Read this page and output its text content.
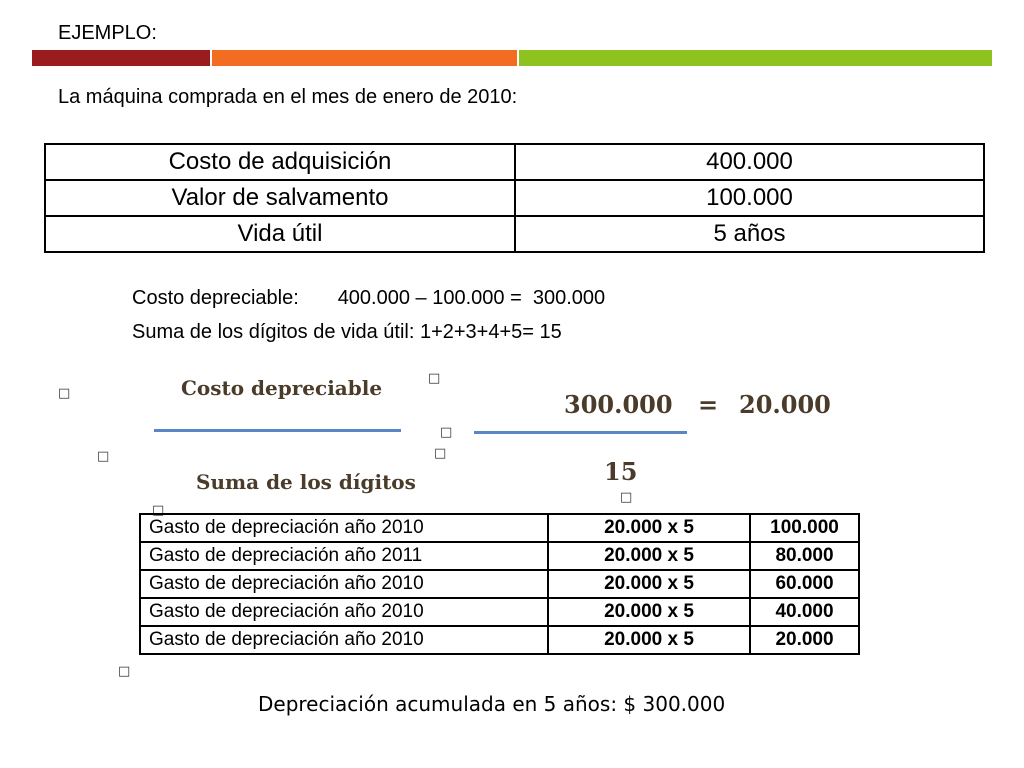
EJEMPLO:
La máquina comprada en el mes de enero de 2010:
Costo de adquisición	400.000
Valor de salvamento	100.000
Vida útil	5 años
Costo depreciable: 400.000 – 100.000 =  300.000
Suma de los dígitos de vida útil: 1+2+3+4+5= 15
□	Costo depreciable
□
Suma de los dígitos
□
300.000 = 20.000
□
□
15
□
□
Gasto de depreciación año 2010	20.000 x 5	100.000
Gasto de depreciación año 2011	20.000 x 5	80.000
Gasto de depreciación año 2010	20.000 x 5	60.000
Gasto de depreciación año 2010	20.000 x 5	40.000
Gasto de depreciación año 2010	20.000 x 5	20.000
□
Depreciación acumulada en 5 años: $ 300.000
